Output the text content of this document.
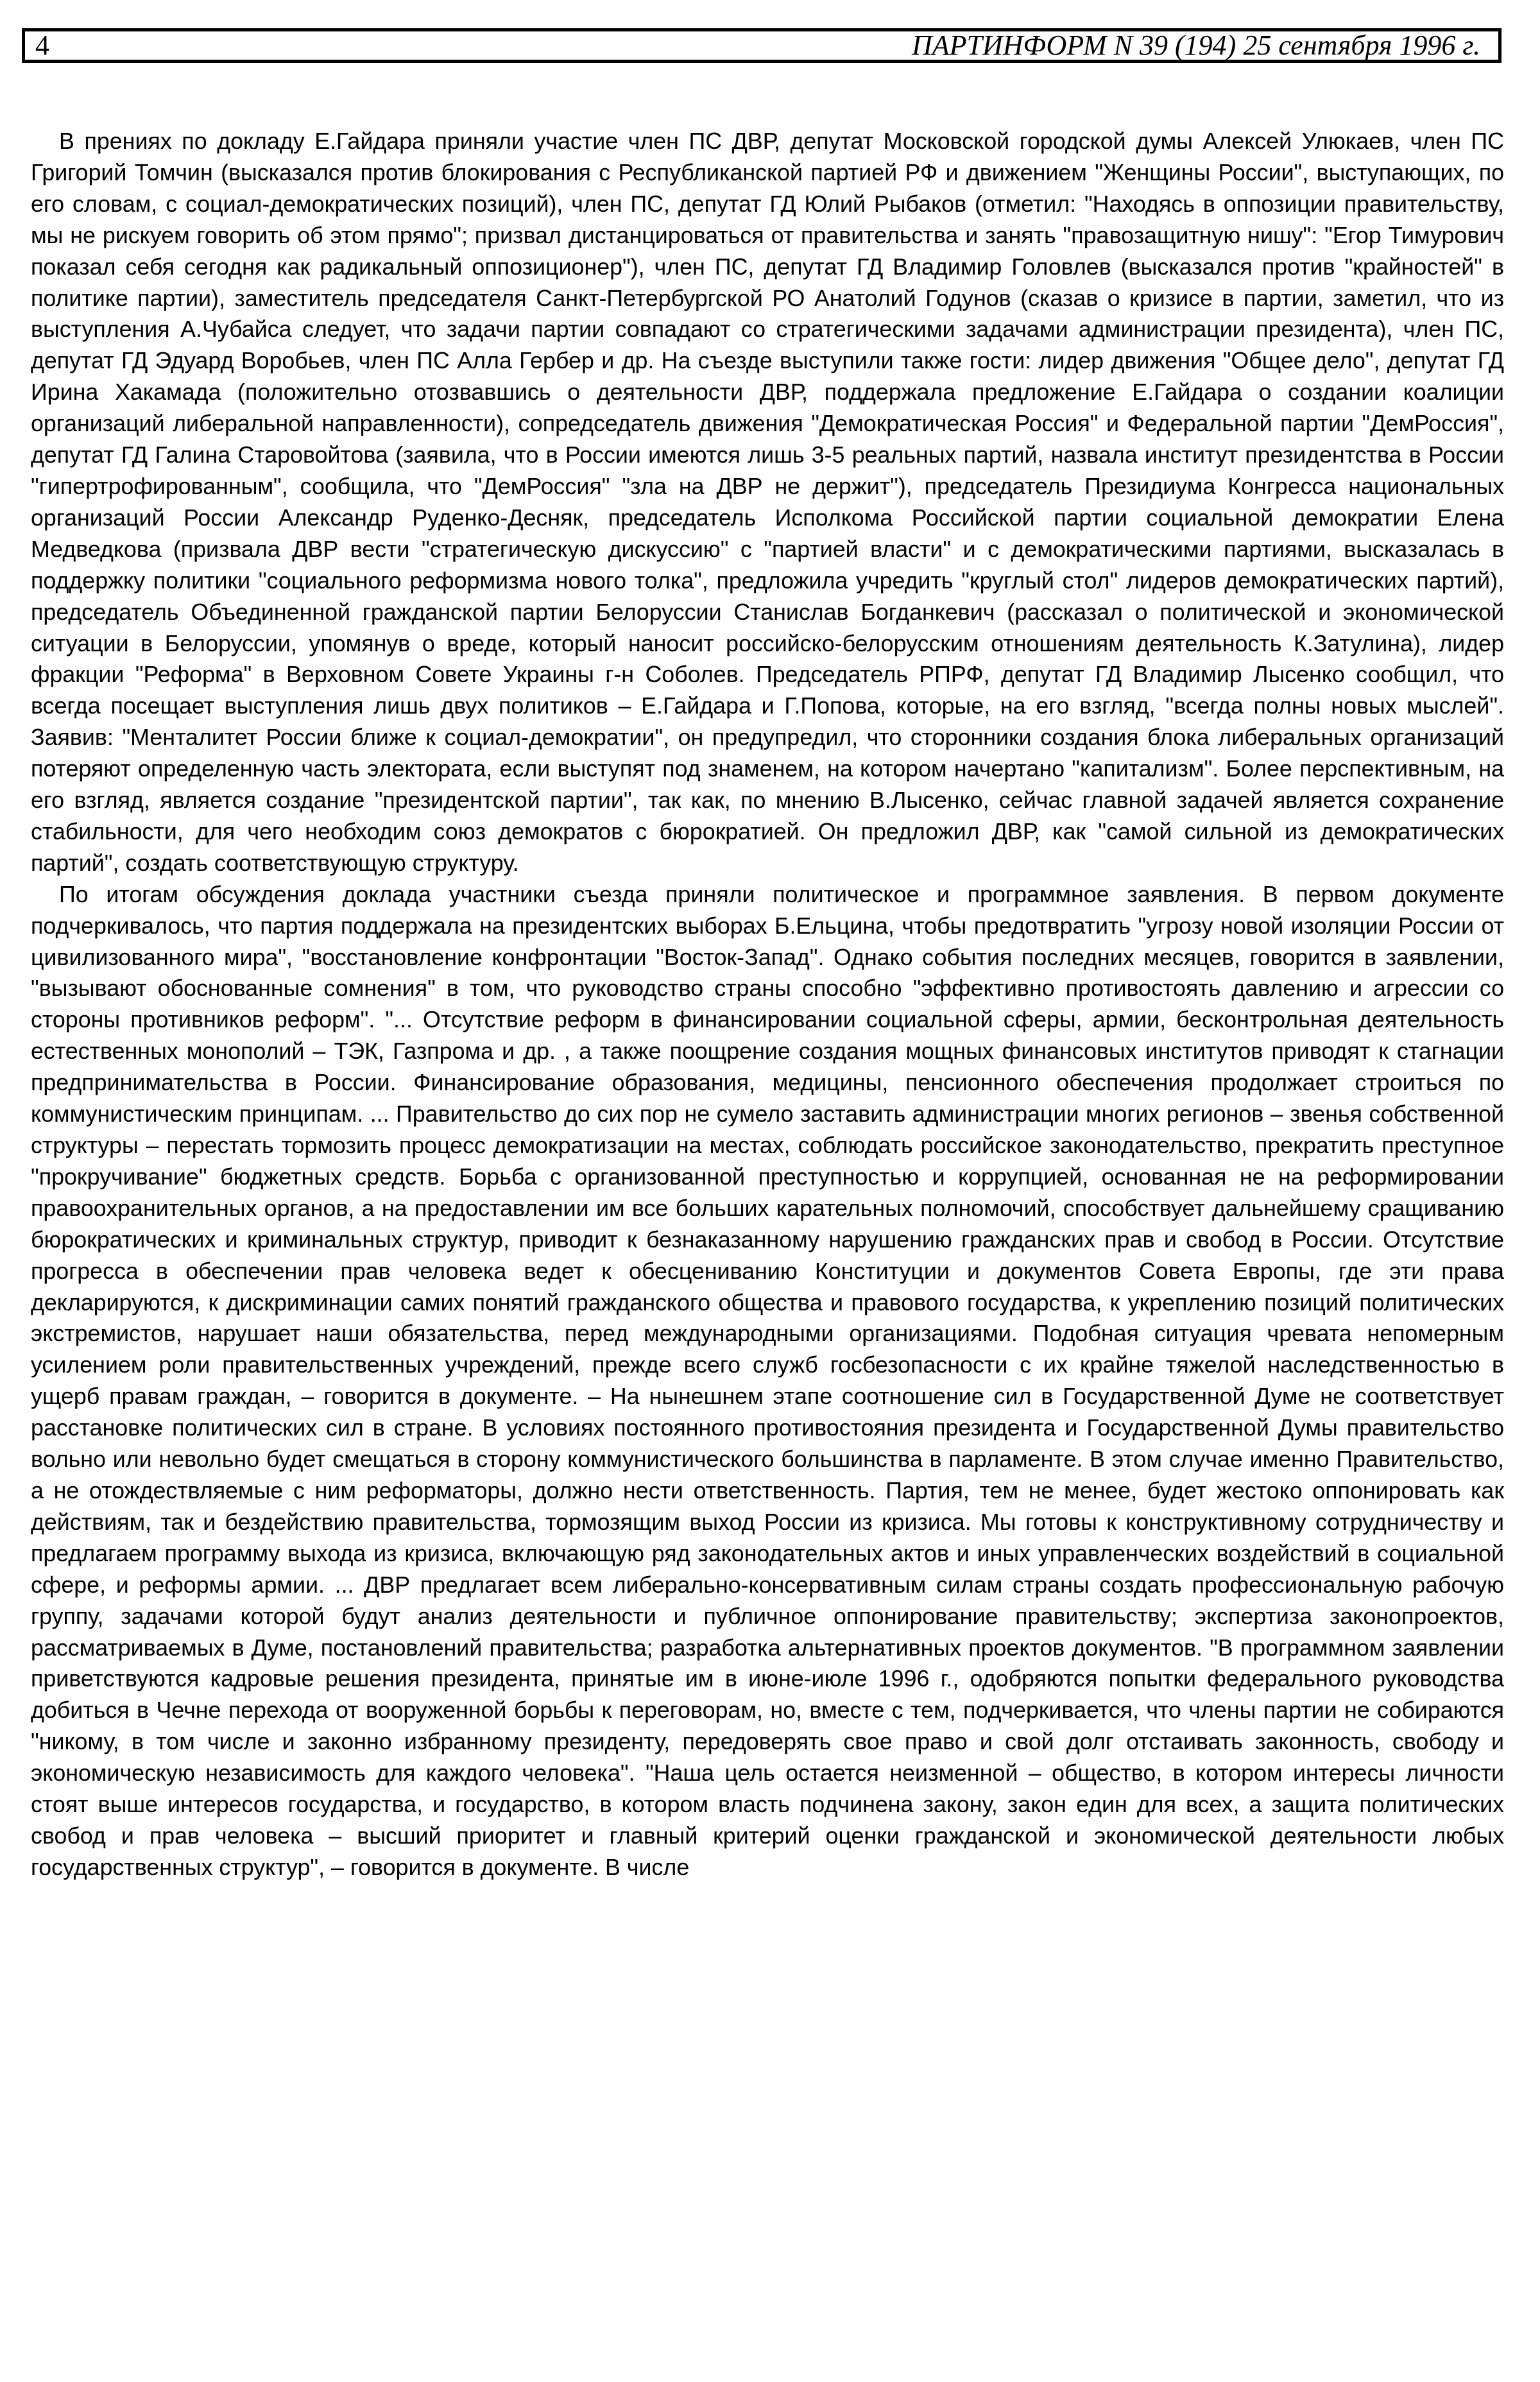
4	ПАРТИНФОРМ N 39 (194) 25 сентября 1996 г.

В прениях по докладу Е.Гайдара приняли участие член ПС ДВР, депутат Московской городской думы Алексей Улюкаев, член ПС Григорий Томчин (высказался против блокирования с Республиканской партией РФ и движением "Женщины России", выступающих, по его словам, с социал-демократических позиций), член ПС, депутат ГД Юлий Рыбаков (отметил: "Находясь в оппозиции правительству, мы не рискуем говорить об этом прямо"; призвал дистанцироваться от правительства и занять "правозащитную нишу": "Егор Тимурович показал себя сегодня как радикальный оппозиционер"), член ПС, депутат ГД Владимир Головлев (высказался против "крайностей" в политике партии), заместитель председателя Санкт-Петербургской РО Анатолий Годунов (сказав о кризисе в партии, заметил, что из выступления А.Чубайса следует, что задачи партии совпадают со стратегическими задачами администрации президента), член ПС, депутат ГД Эдуард Воробьев, член ПС Алла Гербер и др. На съезде выступили также гости: лидер движения "Общее дело", депутат ГД Ирина Хакамада (положительно отозвавшись о деятельности ДВР, поддержала предложение Е.Гайдара о создании коалиции организаций либеральной направленности), сопредседатель движения "Демократическая Россия" и Федеральной партии "ДемРоссия", депутат ГД Галина Старовойтова (заявила, что в России имеются лишь 3-5 реальных партий, назвала институт президентства в России "гипертрофированным", сообщила, что "ДемРоссия" "зла на ДВР не держит"), председатель Президиума Конгресса национальных организаций России Александр Руденко-Десняк, председатель Исполкома Российской партии социальной демократии Елена Медведкова (призвала ДВР вести "стратегическую дискуссию" с "партией власти" и с демократическими партиями, высказалась в поддержку политики "социального реформизма нового толка", предложила учредить "круглый стол" лидеров демократических партий), председатель Объединенной гражданской партии Белоруссии Станислав Богданкевич (рассказал о политической и экономической ситуации в Белоруссии, упомянув о вреде, который наносит российско-белорусским отношениям деятельность К.Затулина), лидер фракции "Реформа" в Верховном Совете Украины г-н Соболев. Председатель РПРФ, депутат ГД Владимир Лысенко сообщил, что всегда посещает выступления лишь двух политиков – Е.Гайдара и Г.Попова, которые, на его взгляд, "всегда полны новых мыслей". Заявив: "Менталитет России ближе к социал-демократии", он предупредил, что сторонники создания блока либеральных организаций потеряют определенную часть электората, если выступят под знаменем, на котором начертано "капитализм". Более перспективным, на его взгляд, является создание "президентской партии", так как, по мнению В.Лысенко, сейчас главной задачей является сохранение стабильности, для чего необходим союз демократов с бюрократией. Он предложил ДВР, как "самой сильной из демократических партий", создать соответствующую структуру.

По итогам обсуждения доклада участники съезда приняли политическое и программное заявления. В первом документе подчеркивалось, что партия поддержала на президентских выборах Б.Ельцина, чтобы предотвратить "угрозу новой изоляции России от цивилизованного мира", "восстановление конфронтации "Восток-Запад". Однако события последних месяцев, говорится в заявлении, "вызывают обоснованные сомнения" в том, что руководство страны способно "эффективно противостоять давлению и агрессии со стороны противников реформ". "... Отсутствие реформ в финансировании социальной сферы, армии, бесконтрольная деятельность естественных монополий – ТЭК, Газпрома и др. , а также поощрение создания мощных финансовых институтов приводят к стагнации предпринимательства в России. Финансирование образования, медицины, пенсионного обеспечения продолжает строиться по коммунистическим принципам. ... Правительство до сих пор не сумело заставить администрации многих регионов – звенья собственной структуры – перестать тормозить процесс демократизации на местах, соблюдать российское законодательство, прекратить преступное "прокручивание" бюджетных средств. Борьба с организованной преступностью и коррупцией, основанная не на реформировании правоохранительных органов, а на предоставлении им все больших карательных полномочий, способствует дальнейшему сращиванию бюрократических и криминальных структур, приводит к безнаказанному нарушению гражданских прав и свобод в России. Отсутствие прогресса в обеспечении прав человека ведет к обесцениванию Конституции и документов Совета Европы, где эти права декларируются, к дискриминации самих понятий гражданского общества и правового государства, к укреплению позиций политических экстремистов, нарушает наши обязательства, перед международными организациями. Подобная ситуация чревата непомерным усилением роли правительственных учреждений, прежде всего служб госбезопасности с их крайне тяжелой наследственностью в ущерб правам граждан, – говорится в документе. – На нынешнем этапе соотношение сил в Государственной Думе не соответствует расстановке политических сил в стране. В условиях постоянного противостояния президента и Государственной Думы правительство вольно или невольно будет смещаться в сторону коммунистического большинства в парламенте. В этом случае именно Правительство, а не отождествляемые с ним реформаторы, должно нести ответственность. Партия, тем не менее, будет жестоко оппонировать как действиям, так и бездействию правительства, тормозящим выход России из кризиса. Мы готовы к конструктивному сотрудничеству и предлагаем программу выхода из кризиса, включающую ряд законодательных актов и иных управленческих воздействий в социальной сфере, и реформы армии. ... ДВР предлагает всем либерально-консервативным силам страны создать профессиональную рабочую группу, задачами которой будут анализ деятельности и публичное оппонирование правительству; экспертиза законопроектов, рассматриваемых в Думе, постановлений правительства; разработка альтернативных проектов документов. "В программном заявлении приветствуются кадровые решения президента, принятые им в июне-июле 1996 г., одобряются попытки федерального руководства добиться в Чечне перехода от вооруженной борьбы к переговорам, но, вместе с тем, подчеркивается, что члены партии не собираются "никому, в том числе и законно избранному президенту, передоверять свое право и свой долг отстаивать законность, свободу и экономическую независимость для каждого человека". "Наша цель остается неизменной – общество, в котором интересы личности стоят выше интересов государства, и государство, в котором власть подчинена закону, закон един для всех, а защита политических свобод и прав человека – высший приоритет и главный критерий оценки гражданской и экономической деятельности любых государственных структур", – говорится в документе. В числе
